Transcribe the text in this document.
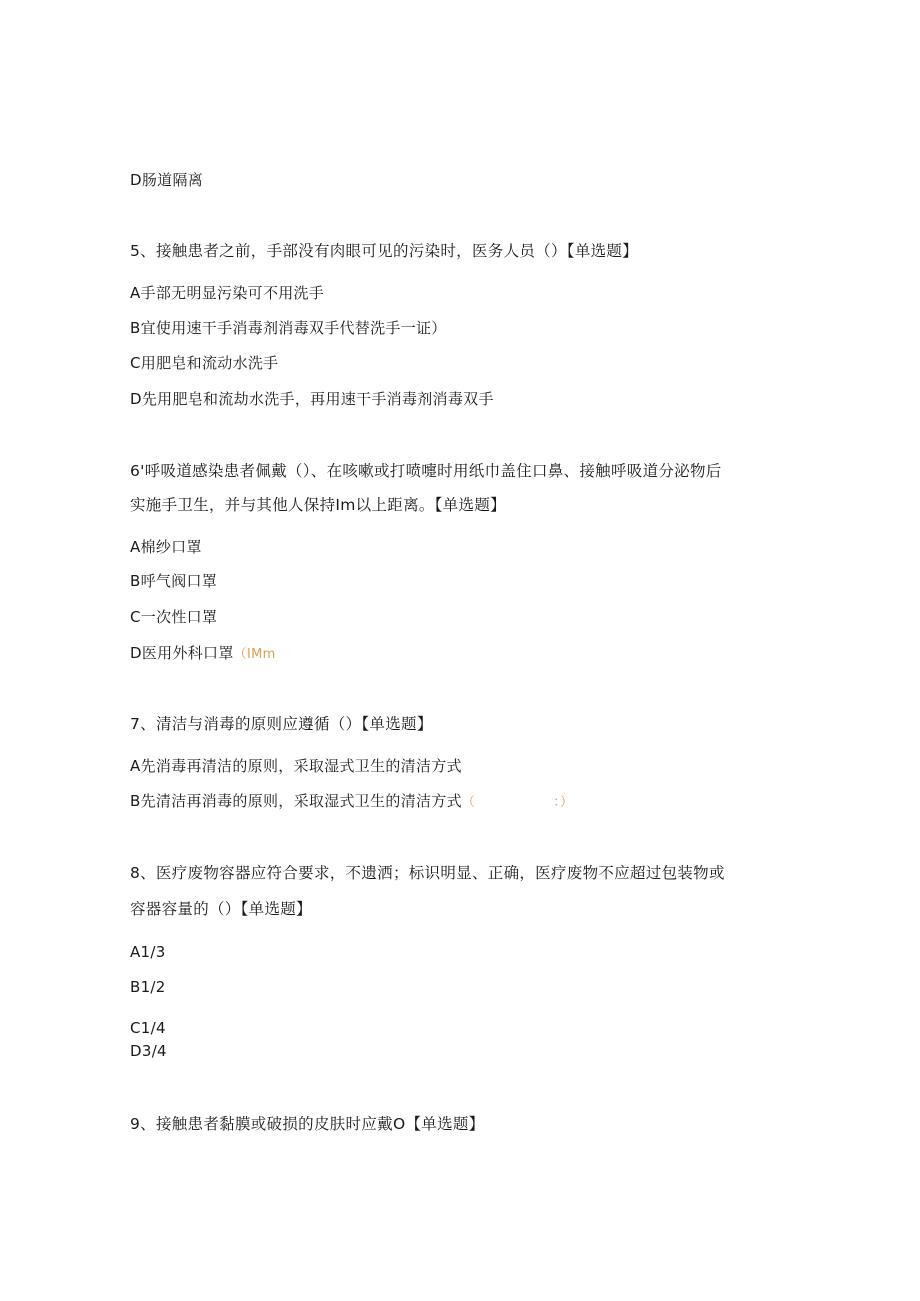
D肠道隔离
5、接触患者之前，手部没有肉眼可见的污染时，医务人员（）【单选题】
A手部无明显污染可不用洗手
B宜使用速干手消毒剂消毒双手代替洗手一证）
C用肥皂和流动水洗手
D先用肥皂和流劫水洗手，再用速干手消毒剂消毒双手
6'呼吸道感染患者佩戴（）、在咳嗽或打喷嚏时用纸巾盖住口鼻、接触呼吸道分泌物后
实施手卫生，并与其他人保持Im以上距离。【单选题】
A棉纱口罩
B呼气阀口罩
C一次性口罩
D医用外科口罩（IMm
7、清洁与消毒的原则应遵循（）【单选题】
A先消毒再清洁的原则，采取湿式卫生的清洁方式
B先清洁再消毒的原则，采取湿式卫生的清洁方式（	：）
8、医疗废物容器应符合要求，不遗洒；标识明显、正确，医疗废物不应超过包装物或
容器容量的（）【单选题】
A1/3
B1/2
C1/4
D3/4
9、接触患者黏膜或破损的皮肤时应戴O【单选题】
